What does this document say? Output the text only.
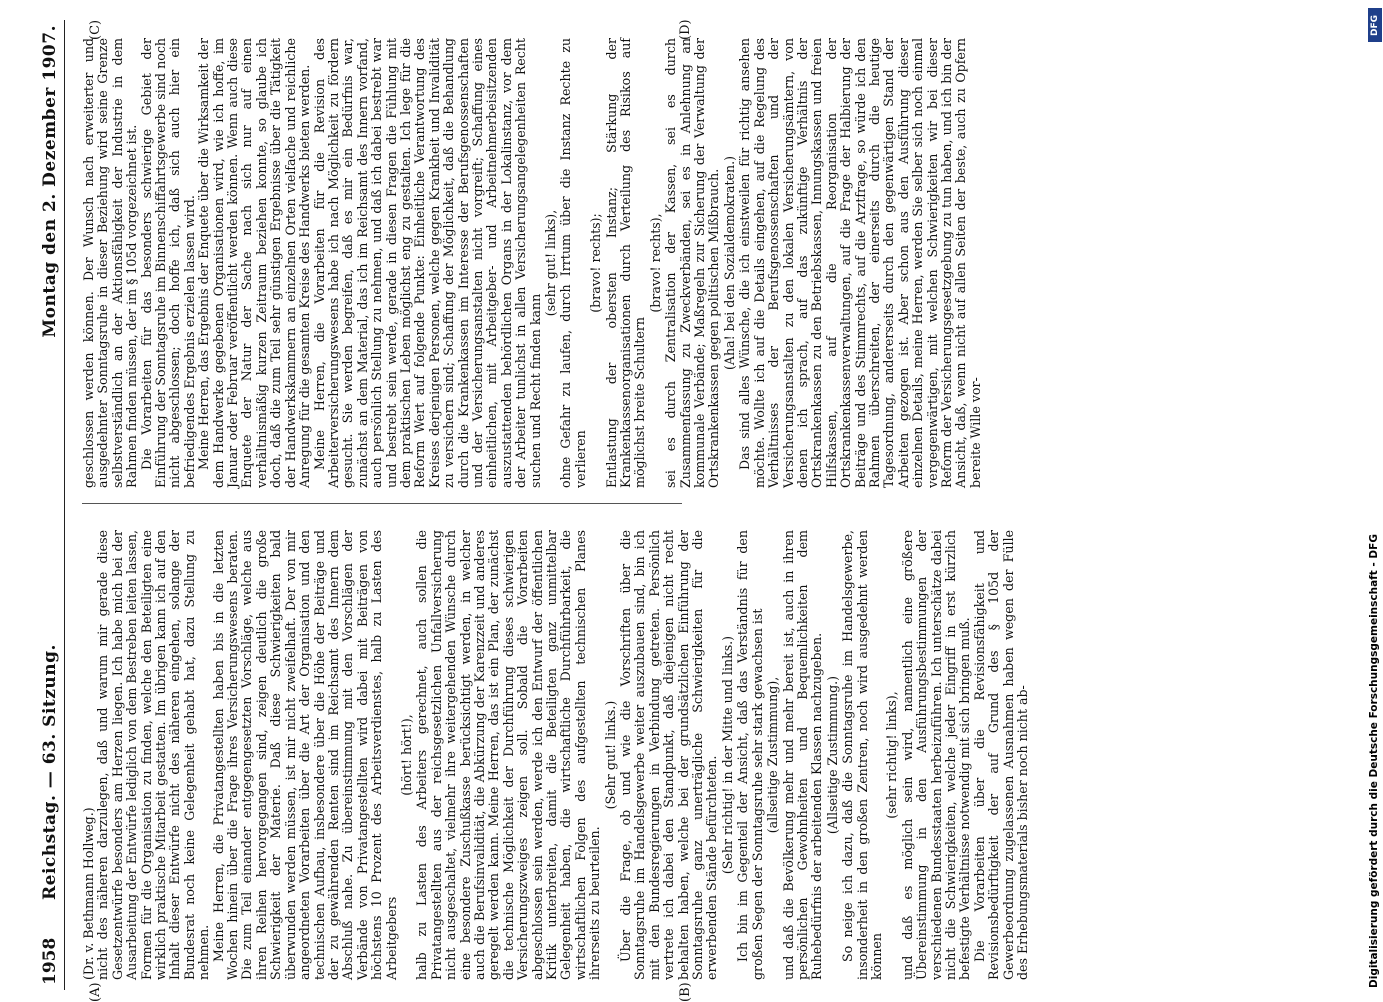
1958
Reichstag. — 63. Sitzung.
Montag den 2. Dezember 1907.
(A)	(B)
(C)	(D)

(Dr. v. Bethmann Hollweg.) nicht des näheren darzulegen, daß und warum mir gerade diese Gesetzentwürfe besonders am Herzen liegen. Ich habe mich bei der Ausarbeitung der Entwürfe lediglich von dem Bestreben leiten lassen, Formen für die Organisation zu finden, welche den Beteiligten eine wirklich praktische Mitarbeit gestatten. Im übrigen kann ich auf den Inhalt dieser Entwürfe nicht des näheren eingehen, solange der Bundesrat noch keine Gelegenheit gehabt hat, dazu Stellung zu nehmen. Meine Herren, die Privatangestellten haben bis in die letzten Wochen hinein über die Frage ihres Versicherungswesens beraten. Die zum Teil einander entgegengesetzten Vorschläge, welche aus ihren Reihen hervorgegangen sind, zeigen deutlich die große Schwierigkeit der Materie. Daß diese Schwierigkeiten bald überwunden werden müssen, ist mir nicht zweifelhaft. Der von mir angeordneten Vorarbeiten über die Art der Organisation und den technischen Aufbau, insbesondere über die Höhe der Beiträge und der zu gewährenden Renten sind im Reichsamt des Innern dem Abschluß nahe. Zu übereinstimmung mit den Vorschlägen der Verbände von Privatangestellten wird dabei mit Beiträgen von höchstens 10 Prozent des Arbeitsverdienstes, halb zu Lasten des Arbeitgebers

(hört! hört!), halb zu Lasten des Arbeiters gerechnet, auch sollen die Privatangestellten aus der reichsgesetzlichen Unfallversicherung nicht ausgeschaltet, vielmehr ihre weitergehenden Wünsche durch eine besondere Zuschußkasse berücksichtigt werden, in welcher auch die Berufsinvalidität, die Abkürzung der Karenzzeit und anderes geregelt werden kann. Meine Herren, das ist ein Plan, der zunächst die technische Möglichkeit der Durchführung dieses schwierigen Versicherungszweiges zeigen soll. Sobald die Vorarbeiten abgeschlossen sein werden, werde ich den Entwurf der öffentlichen Kritik unterbreiten, damit die Beteiligten ganz unmittelbar Gelegenheit haben, die wirtschaftliche Durchführbarkeit, die wirtschaftlichen Folgen des aufgestellten technischen Planes ihrerseits zu beurteilen.

(Sehr gut! links.) Über die Frage, ob und wie die Vorschriften über die Sonntagsruhe im Handelsgewerbe weiter auszubauen sind, bin ich mit den Bundesregierungen in Verbindung getreten. Persönlich vertrete ich dabei den Standpunkt, daß diejenigen nicht recht behalten haben, welche bei der grundsätzlichen Einführung der Sonntagsruhe ganz unerträgliche Schwierigkeiten für die erwerbenden Stände befürchteten. (Sehr richtig! in der Mitte und links.) Ich bin im Gegenteil der Ansicht, daß das Verständnis für den großen Segen der Sonntagsruhe sehr stark gewachsen ist (allseitige Zustimmung), und daß die Bevölkerung mehr und mehr bereit ist, auch in ihren persönlichen Gewohnheiten und Bequemlichkeiten dem Ruhebedürfnis der arbeitenden Klassen nachzugeben. (Allseitige Zustimmung.) So neige ich dazu, daß die Sonntagsruhe im Handelsgewerbe, insonderheit in den großen Zentren, noch wird ausgedehnt werden können

(sehr richtig! links), und daß es möglich sein wird, namentlich eine größere Übereinstimmung in den Ausführungsbestimmungen der verschiedenen Bundesstaaten herbeizuführen. Ich unterschätze dabei nicht die Schwierigkeiten, welche jeder Eingriff in erst kürzlich befestigte Verhältnisse notwendig mit sich bringen muß. Die Vorarbeiten über die Revisionsfähigkeit und Revisionsbedürftigkeit der auf Grund des § 105d der Gewerbeordnung zugelassenen Ausnahmen haben wegen der Fülle des Erhebungsmaterials bisher noch nicht ab-

geschlossen werden können. Der Wunsch nach erweiterter und ausgedehnter Sonntagsruhe in dieser Beziehung wird seine Grenze selbstverständlich an der Aktionsfähigkeit der Industrie in dem Rahmen finden müssen, der im § 105d vorgezeichnet ist. Die Vorarbeiten für das besonders schwierige Gebiet der Einführung der Sonntagsruhe im Binnenschiffahrtsgewerbe sind noch nicht abgeschlossen; doch hoffe ich, daß sich auch hier ein befriedigendes Ergebnis erzielen lassen wird. Meine Herren, das Ergebnis der Enquete über die Wirksamkeit der dem Handwerke gegebenen Organisationen wird, wie ich hoffe, im Januar oder Februar veröffentlicht werden können. Wenn auch diese Enquete der Natur der Sache nach sich nur auf einen verhältnismäßig kurzen Zeitraum beziehen konnte, so glaube ich doch, daß die zum Teil sehr günstigen Ergebnisse über die Tätigkeit der Handwerkskammern an einzelnen Orten vielfache und reichliche Anregung für die gesamten Kreise des Handwerks bieten werden. Meine Herren, die Vorarbeiten für die Revision des Arbeiterversicherungswesens habe ich nach Möglichkeit zu fördern gesucht. Sie werden begreifen, daß es mir ein Bedürfnis war, zunächst an dem Material, das ich im Reichsamt des Innern vorfand, auch persönlich Stellung zu nehmen, und daß ich dabei bestrebt war und bestrebt sein werde, gerade in diesen Fragen die Fühlung mit dem praktischen Leben möglichst eng zu gestalten. Ich lege für die Reform Wert auf folgende Punkte: Einheitliche Verantwortung des Kreises derjenigen Personen, welche gegen Krankheit und Invalidität zu versichern sind; Schaffung der Möglichkeit, daß die Behandlung durch die Krankenkassen im Interesse der Berufsgenossenschaften und der Versicherungsanstalten nicht vorgreift; Schaffung eines einheitlichen, mit Arbeitgeber- und Arbeitnehmerbeisitzenden auszustattenden behördlichen Organs in der Lokalinstanz, vor dem der Arbeiter tunlichst in allen Versicherungsangelegenheiten Recht suchen und Recht finden kann

(sehr gut! links), ohne Gefahr zu laufen, durch Irrtum über die Instanz Rechte zu verlieren

(bravo! rechts); Entlastung der obersten Instanz; Stärkung der Krankenkassenorganisationen durch Verteilung des Risikos auf möglichst breite Schultern

(bravo! rechts), sei es durch Zentralisation der Kassen, sei es durch Zusammenfassung zu Zweckverbänden, sei es in Anlehnung an kommunale Verbände; Maßregeln zur Sicherung der Verwaltung der Ortskrankenkassen gegen politischen Mißbrauch. (Aha! bei den Sozialdemokraten.) Das sind alles Wünsche, die ich einstweilen für richtig ansehen möchte. Wollte ich auf die Details eingehen, auf die Regelung des Verhältnisses der Berufsgenossenschaften und der Versicherungsanstalten zu den lokalen Versicherungsämtern, von denen ich sprach, auf das zukünftige Verhältnis der Ortskrankenkassen zu den Betriebskassen, Innungskassen und freien Hilfskassen, auf die Reorganisation der Ortskrankenkassenverwaltungen, auf die Frage der Halbierung der Beiträge und des Stimmrechts, auf die Arztfrage, so würde ich den Rahmen überschreiten, der einerseits durch die heutige Tagesordnung, andererseits durch den gegenwärtigen Stand der Arbeiten gezogen ist. Aber schon aus den Ausführung dieser einzelnen Details, meine Herren, werden Sie selber sich noch einmal vergegenwärtigen, mit welchen Schwierigkeiten wir bei dieser Reform der Versicherungsgesetzgebung zu tun haben, und ich bin der Ansicht, daß, wenn nicht auf allen Seiten der beste, auch zu Opfern bereite Wille vor-

DFG
Digitalisierung gefördert durch die Deutsche Forschungsgemeinschaft - DFG
